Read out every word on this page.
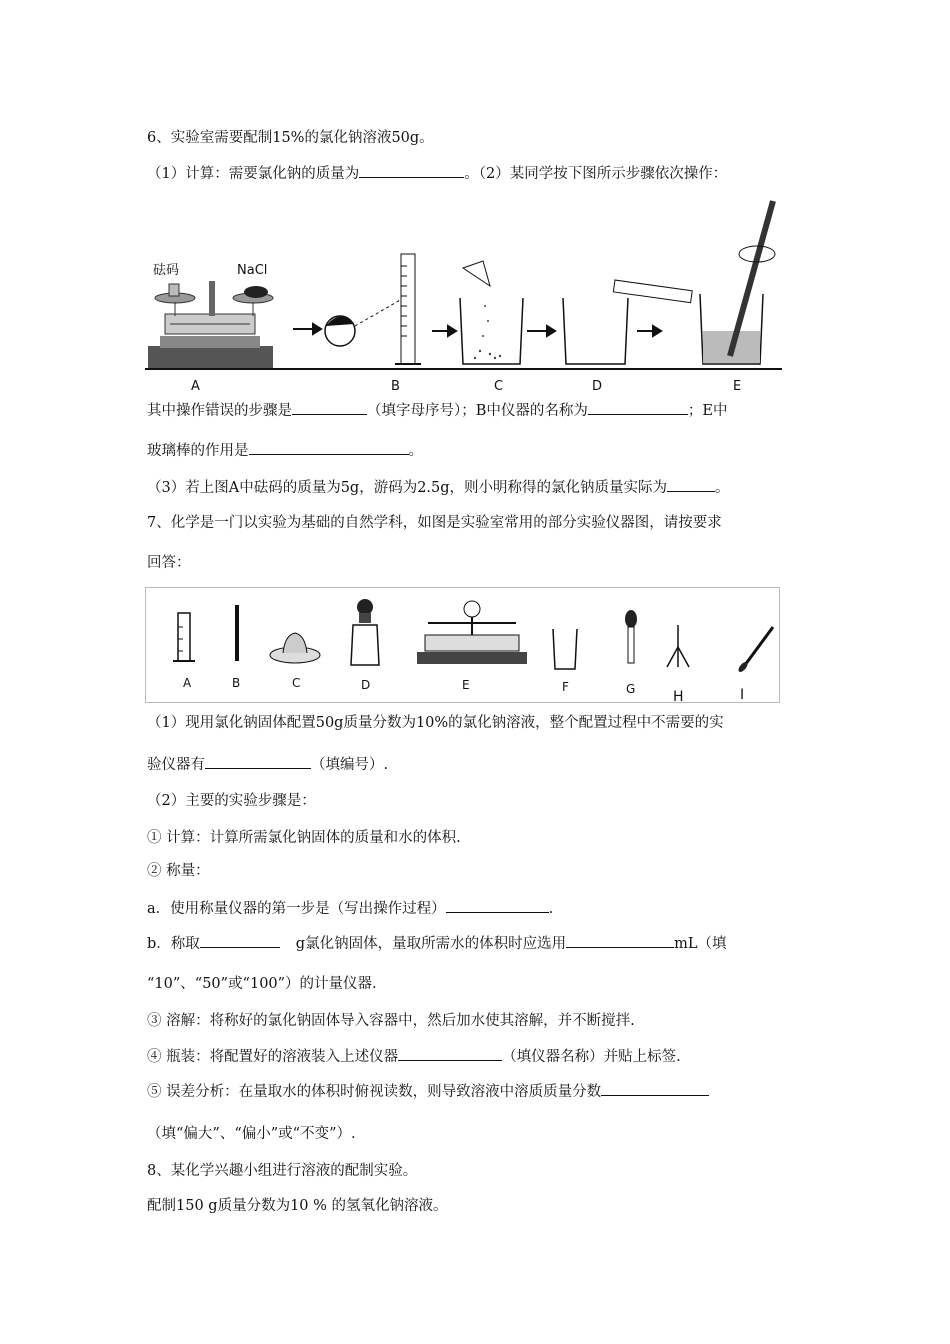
6、实验室需要配制15%的氯化钠溶液50g。
（1）计算：需要氯化钠的质量为	。（2）某同学按下图所示步骤依次操作：
砝码	NaCl
A	B	C	D	E
其中操作错误的步骤是	（填字母序号）；B中仪器的名称为	；E中
玻璃棒的作用是	。
（3）若上图A中砝码的质量为5g，游码为2.5g，则小明称得的氯化钠质量实际为	。
7、化学是一门以实验为基础的自然学科，如图是实验室常用的部分实验仪器图，请按要求
回答：
A	B	C	D	E	F	G	H	I
（1）现用氯化钠固体配置50g质量分数为10%的氯化钠溶液，整个配置过程中不需要的实
验仪器有	（填编号）.
（2）主要的实验步骤是：
① 计算：计算所需氯化钠固体的质量和水的体积.
② 称量：
a．使用称量仪器的第一步是（写出操作过程）	.
b．称取	g氯化钠固体，量取所需水的体积时应选用	mL（填
“10”、“50”或“100”）的计量仪器.
③ 溶解：将称好的氯化钠固体导入容器中，然后加水使其溶解，并不断搅拌.
④ 瓶装：将配置好的溶液装入上述仪器	（填仪器名称）并贴上标签.
⑤ 误差分析：在量取水的体积时俯视读数，则导致溶液中溶质质量分数
（填“偏大”、“偏小”或“不变”）.
8、某化学兴趣小组进行溶液的配制实验。
配制150 g质量分数为10 % 的氢氧化钠溶液。
